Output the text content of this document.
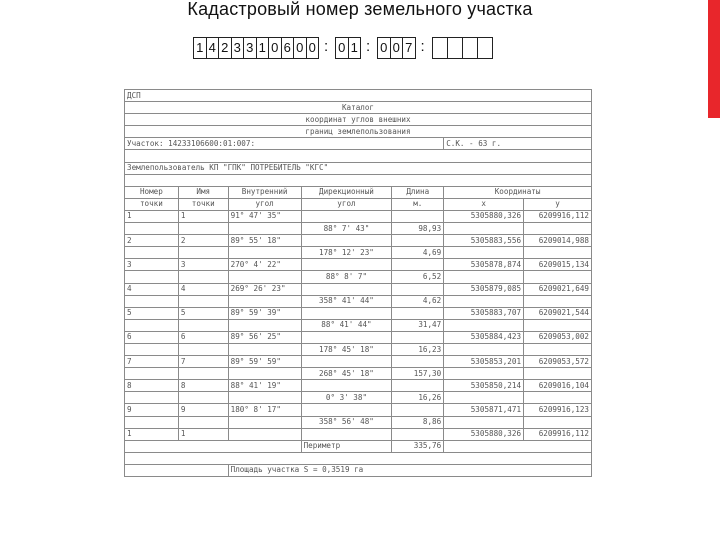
Кадастровый номер земельного участка
1 4 2 3 3 1 0 6 0 0 : 0 1 : 0 0 7 :
ДСП						
Каталог						
координат углов внешних						
границ землепользования						
Участок: 14233106600:01:007:					С.К. - 63 г.	

Землепользователь КП "ГПК" ПОТРЕБИТЕЛЬ "КГС"						

Номер	Имя	Внутренний	Дирекционный	Длина	Координаты	
точки	точки	угол	угол	м.	x	y
1	1	91° 47' 35"			5305880,326	6209916,112
			88° 7' 43"	98,93		
2	2	89° 55' 18"			5305883,556	6209014,988
			178° 12' 23"	4,69		
3	3	270° 4' 22"			5305878,874	6209015,134
			88° 8' 7"	6,52		
4	4	269° 26' 23"			5305879,085	6209021,649
			358° 41' 44"	4,62		
5	5	89° 59' 39"			5305883,707	6209021,544
			88° 41' 44"	31,47		
6	6	89° 56' 25"			5305884,423	6209053,002
			178° 45' 18"	16,23		
7	7	89° 59' 59"			5305853,201	6209053,572
			268° 45' 18"	157,30		
8	8	88° 41' 19"			5305850,214	6209016,104
			0° 3' 38"	16,26		
9	9	180° 8' 17"			5305871,471	6209916,123
			358° 56' 48"	8,86		
1	1				5305880,326	6209916,112
			Периметр	335,76		

		Площадь участка S = 0,3519 га				
